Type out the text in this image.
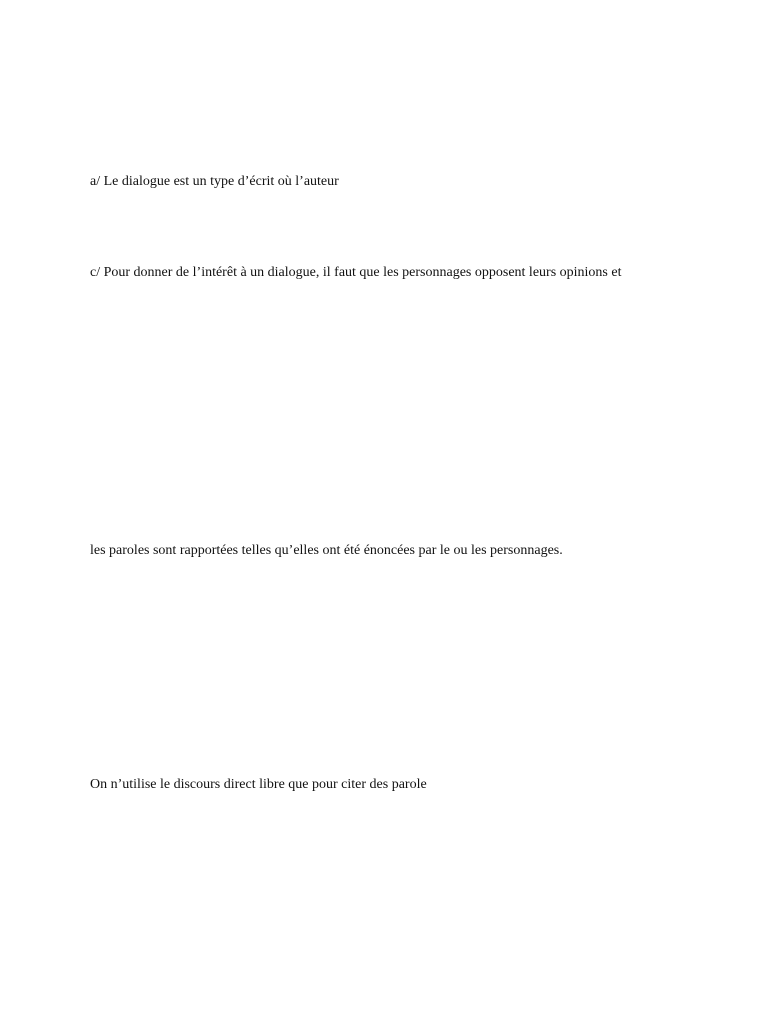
a/ Le dialogue est un type d’écrit où l’auteur

c/ Pour donner de l’intérêt à un dialogue, il faut que les personnages opposent leurs opinions et

les paroles sont rapportées telles qu’elles ont été énoncées par le ou les personnages.

On n’utilise le discours direct libre que pour citer des parole
